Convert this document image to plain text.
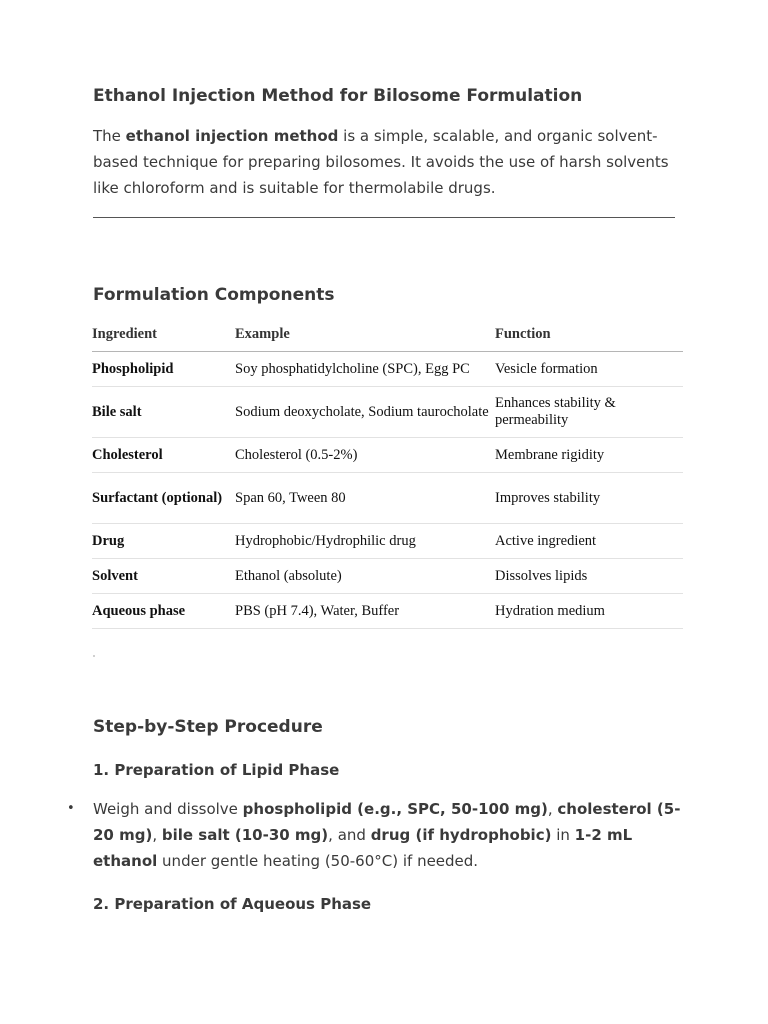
Ethanol Injection Method for Bilosome Formulation

The ethanol injection method is a simple, scalable, and organic solvent-based technique for preparing bilosomes. It avoids the use of harsh solvents like chloroform and is suitable for thermolabile drugs.

Formulation Components
Ingredient	Example	Function
Phospholipid	Soy phosphatidylcholine (SPC), Egg PC	Vesicle formation
Bile salt	Sodium deoxycholate, Sodium taurocholate	Enhances stability & permeability
Cholesterol	Cholesterol (0.5-2%)	Membrane rigidity
Surfactant (optional)	Span 60, Tween 80	Improves stability
Drug	Hydrophobic/Hydrophilic drug	Active ingredient
Solvent	Ethanol (absolute)	Dissolves lipids
Aqueous phase	PBS (pH 7.4), Water, Buffer	Hydration medium
Step-by-Step Procedure
1. Preparation of Lipid Phase
• Weigh and dissolve phospholipid (e.g., SPC, 50-100 mg), cholesterol (5-20 mg), bile salt (10-30 mg), and drug (if hydrophobic) in 1-2 mL ethanol under gentle heating (50-60°C) if needed.
2. Preparation of Aqueous Phase
